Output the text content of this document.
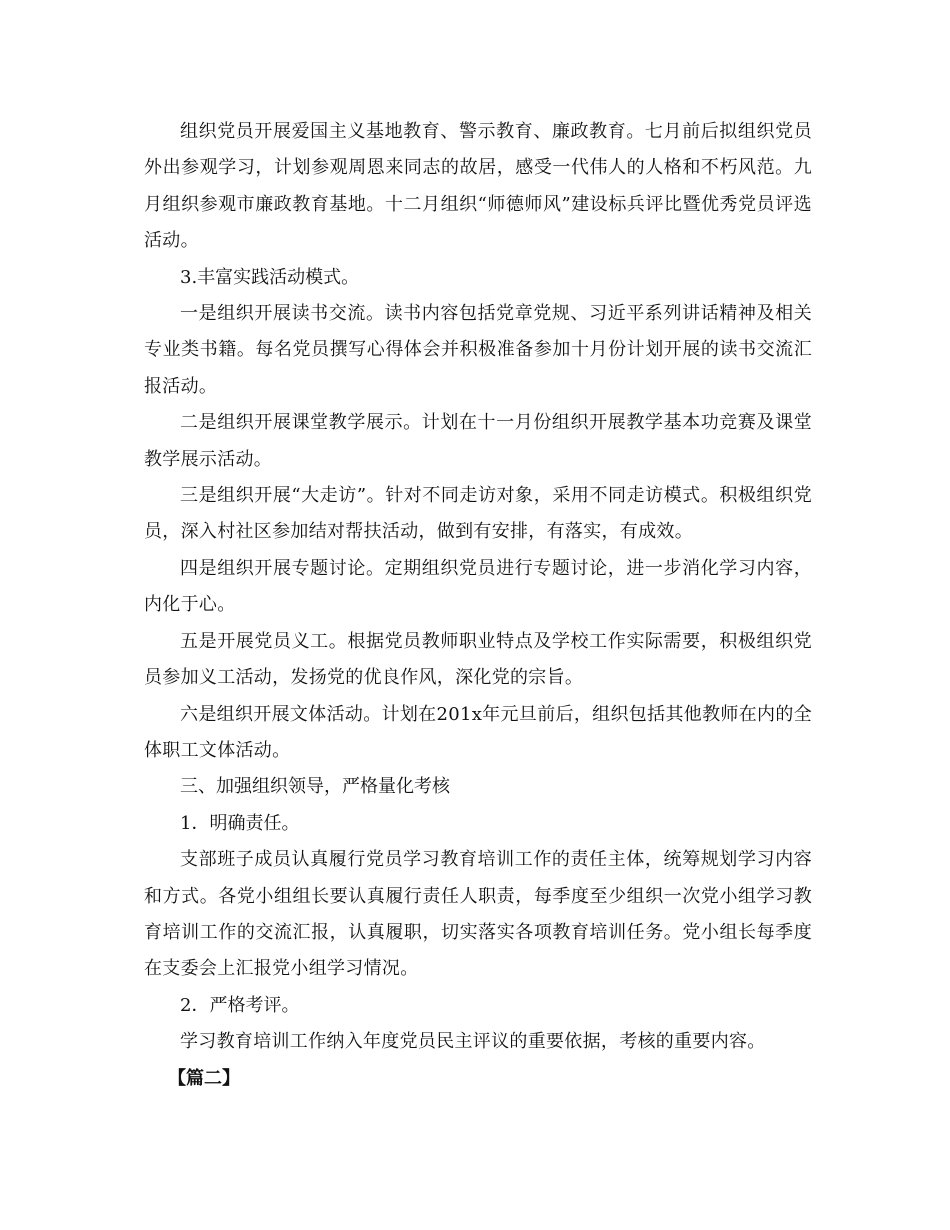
组织党员开展爱国主义基地教育、警示教育、廉政教育。七月前后拟组织党员外出参观学习，计划参观周恩来同志的故居，感受一代伟人的人格和不朽风范。九月组织参观市廉政教育基地。十二月组织“师德师风”建设标兵评比暨优秀党员评选活动。

3.丰富实践活动模式。

一是组织开展读书交流。读书内容包括党章党规、习近平系列讲话精神及相关专业类书籍。每名党员撰写心得体会并积极准备参加十月份计划开展的读书交流汇报活动。

二是组织开展课堂教学展示。计划在十一月份组织开展教学基本功竞赛及课堂教学展示活动。

三是组织开展“大走访”。针对不同走访对象，采用不同走访模式。积极组织党员，深入村社区参加结对帮扶活动，做到有安排，有落实，有成效。

四是组织开展专题讨论。定期组织党员进行专题讨论，进一步消化学习内容，内化于心。

五是开展党员义工。根据党员教师职业特点及学校工作实际需要，积极组织党员参加义工活动，发扬党的优良作风，深化党的宗旨。

六是组织开展文体活动。计划在201x年元旦前后，组织包括其他教师在内的全体职工文体活动。

三、加强组织领导，严格量化考核

1．明确责任。

支部班子成员认真履行党员学习教育培训工作的责任主体，统筹规划学习内容和方式。各党小组组长要认真履行责任人职责，每季度至少组织一次党小组学习教育培训工作的交流汇报，认真履职，切实落实各项教育培训任务。党小组长每季度在支委会上汇报党小组学习情况。

2．严格考评。

学习教育培训工作纳入年度党员民主评议的重要依据，考核的重要内容。

【篇二】
